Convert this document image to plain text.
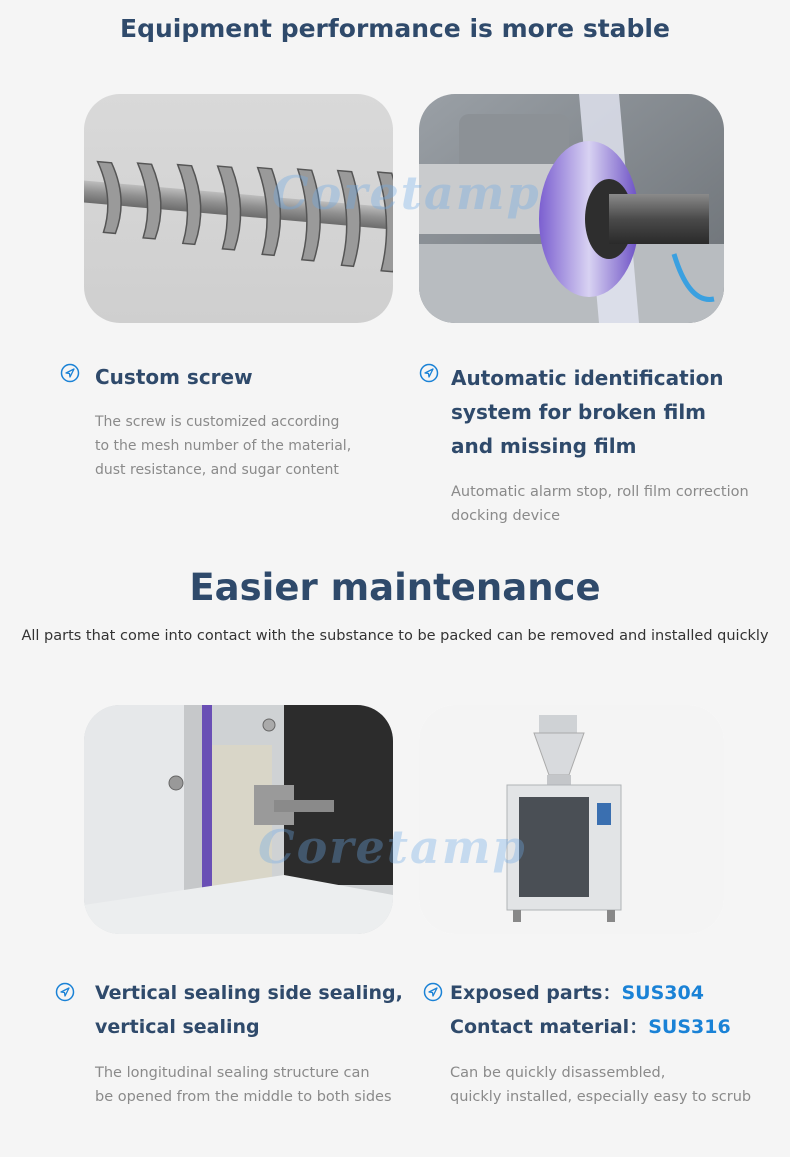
Equipment performance is more stable
Coretamp
Custom screw
The screw is customized according
to the mesh number of the material,
dust resistance, and sugar content
Automatic identification
system for broken film
and missing film
Automatic alarm stop, roll film correction
docking device
Easier maintenance
All parts that come into contact with the substance to be packed can be removed and installed quickly
Coretamp
Vertical sealing side sealing,
vertical sealing
The longitudinal sealing structure can
be opened from the middle to both sides
Exposed parts：SUS304
Contact material：SUS316
Can be quickly disassembled,
quickly installed, especially easy to scrub
